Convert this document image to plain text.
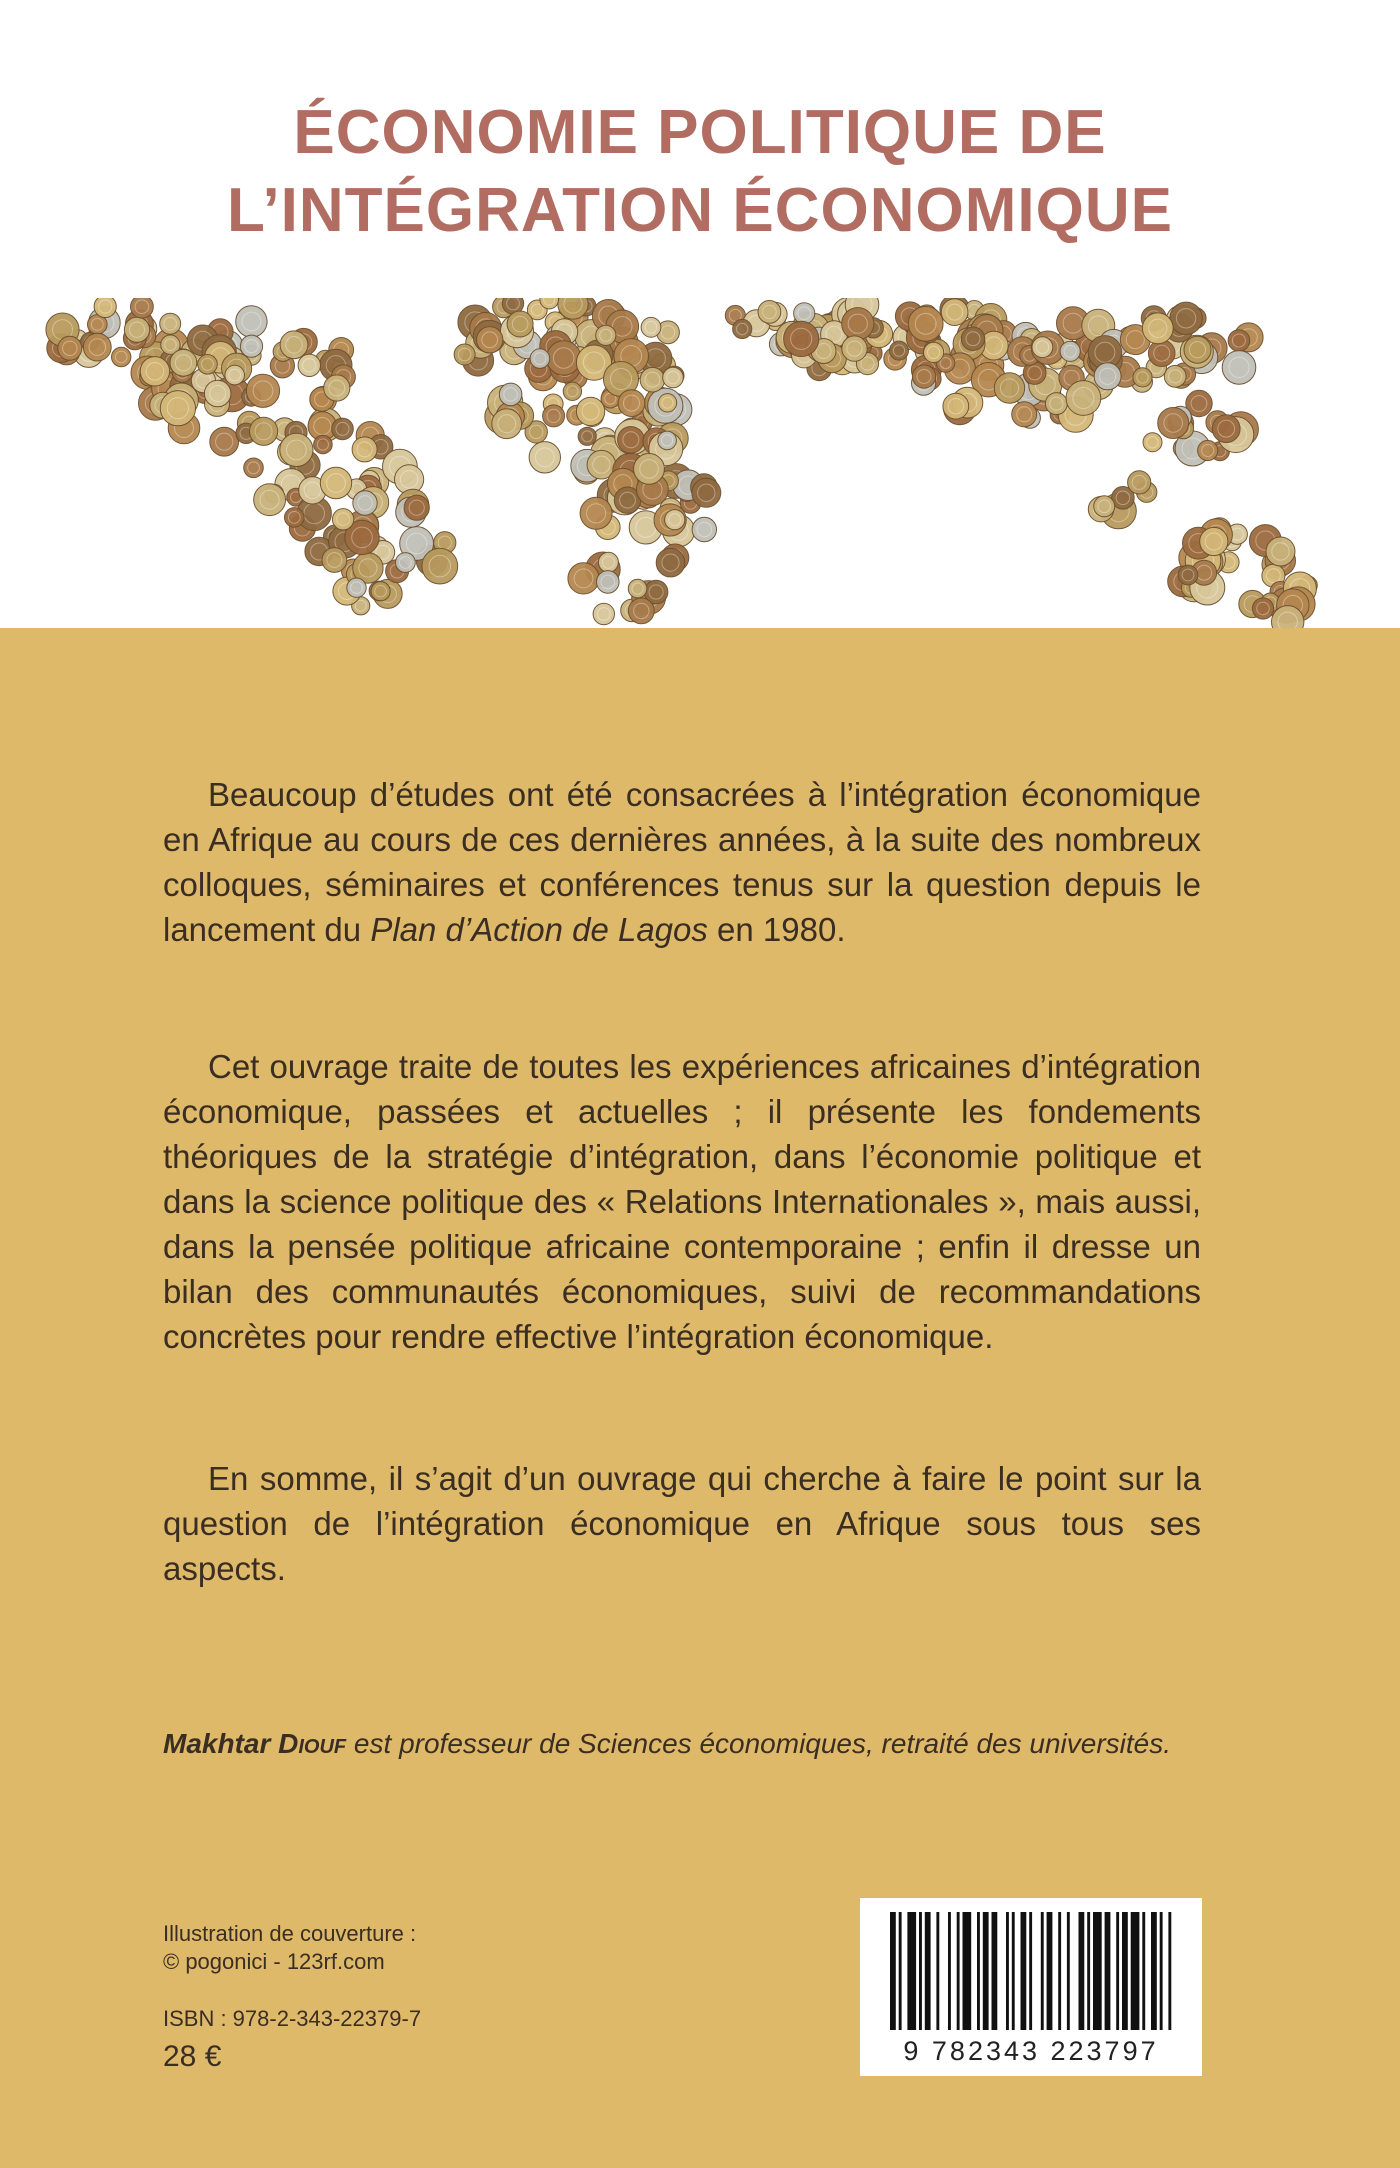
ÉCONOMIE POLITIQUE DE
L’INTÉGRATION ÉCONOMIQUE

Beaucoup d’études ont été consacrées à l’intégration économique en Afrique au cours de ces dernières années, à la suite des nombreux colloques, séminaires et conférences tenus sur la question depuis le lancement du Plan d’Action de Lagos en 1980.

Cet ouvrage traite de toutes les expériences africaines d’intégration économique, passées et actuelles ; il présente les fondements théoriques de la stratégie d’intégration, dans l’économie politique et dans la science politique des « Relations Internationales », mais aussi, dans la pensée politique africaine contemporaine ; enfin il dresse un bilan des communautés économiques, suivi de recommandations concrètes pour rendre effective l’intégration économique.

En somme, il s’agit d’un ouvrage qui cherche à faire le point sur la question de l’intégration économique en Afrique sous tous ses aspects.

Makhtar Diouf est professeur de Sciences économiques, retraité des universités.
Illustration de couverture :
© pogonici - 123rf.com
ISBN : 978-2-343-22379-7
28 €	9 782343 223797
